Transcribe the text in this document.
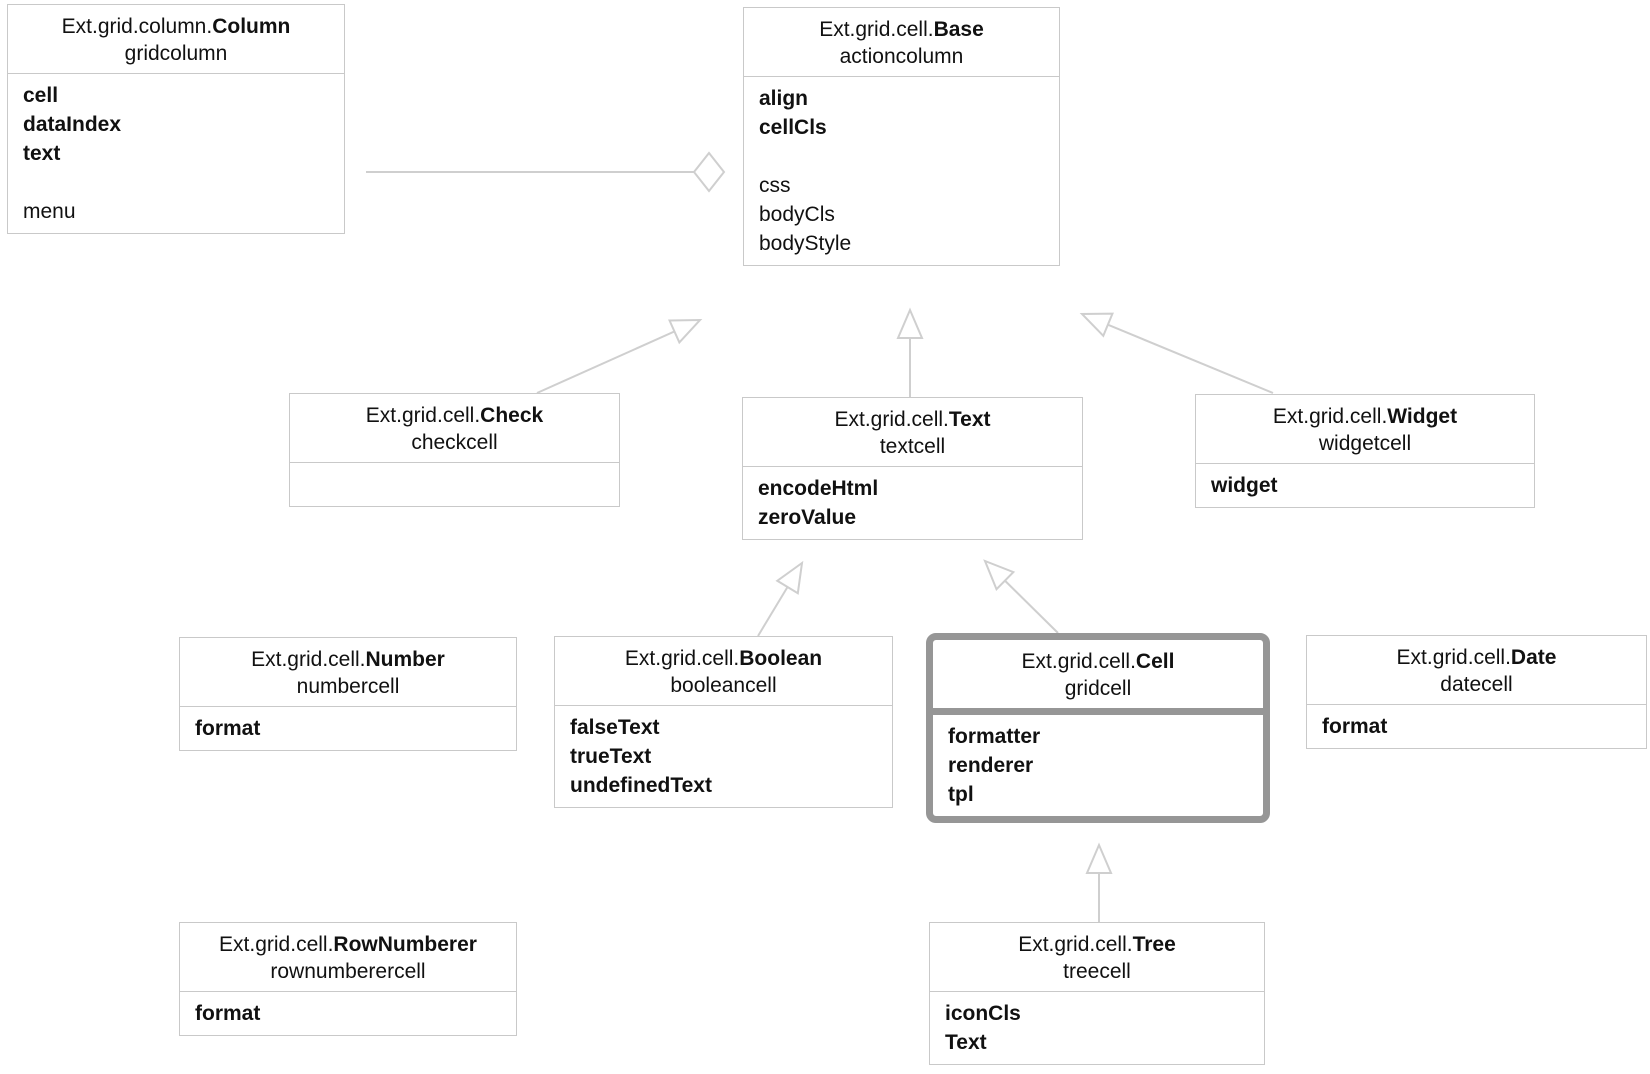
Ext.grid.column.Column
gridcolumn
cell
dataIndex
text
menu
Ext.grid.cell.Base
actioncolumn
align
cellCls
css
bodyCls
bodyStyle
Ext.grid.cell.Check
checkcell
Ext.grid.cell.Text
textcell
encodeHtml
zeroValue
Ext.grid.cell.Widget
widgetcell
widget
Ext.grid.cell.Number
numbercell
format
Ext.grid.cell.Boolean
booleancell
falseText
trueText
undefinedText
Ext.grid.cell.Cell
gridcell
formatter
renderer
tpl
Ext.grid.cell.Date
datecell
format
Ext.grid.cell.RowNumberer
rownumberercell
format
Ext.grid.cell.Tree
treecell
iconCls
Text
